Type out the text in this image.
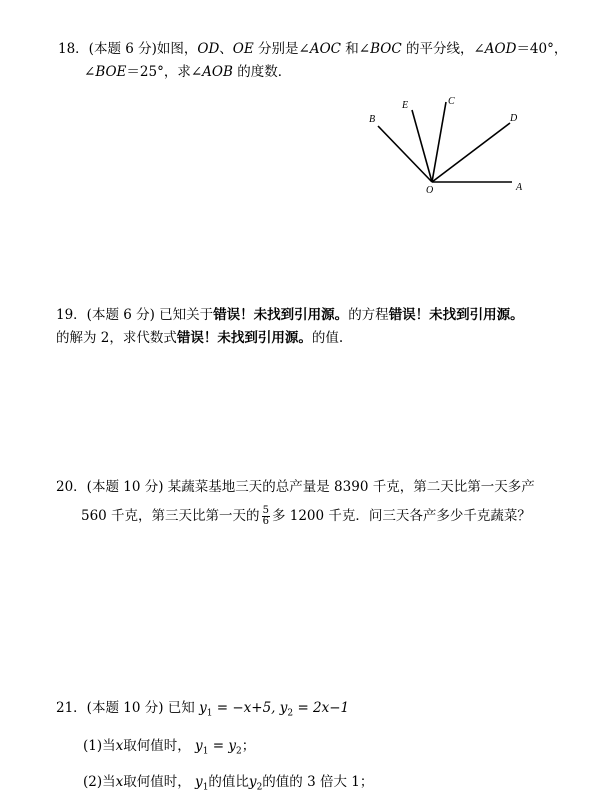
18．(本题 6 分)如图，OD、OE 分别是∠AOC 和∠BOC 的平分线，∠AOD＝40°，
∠BOE＝25°，求∠AOB 的度数．
B
E	C
D
O	A
19．(本题 6 分) 已知关于错误！未找到引用源。的方程错误！未找到引用源。
的解为 2，求代数式错误！未找到引用源。的值.
20．(本题 10 分) 某蔬菜基地三天的总产量是 8390 千克，第二天比第一天多产
560 千克，第三天比第一天的 $\frac{5}{6}$ 多 1200 千克．问三天各产多少千克蔬菜？
21．(本题 10 分) 已知 $y_1 = -x+5$, $y_2 = 2x-1$
(1)当x取何值时， $y_1 = y_2$；
(2)当x取何值时， $y_1$的值比$y_2$的值的 3 倍大 1；
